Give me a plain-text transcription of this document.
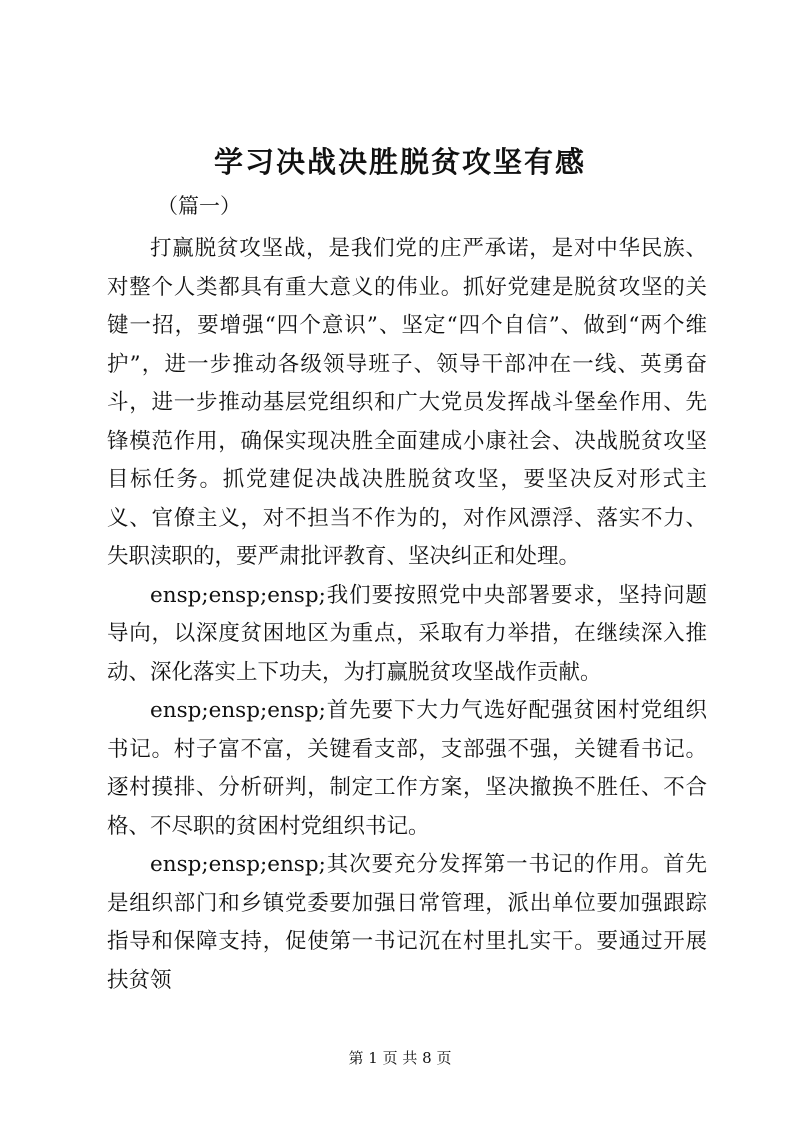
学习决战决胜脱贫攻坚有感
（篇一）

打赢脱贫攻坚战，是我们党的庄严承诺，是对中华民族、对整个人类都具有重大意义的伟业。抓好党建是脱贫攻坚的关键一招，要增强“四个意识”、坚定“四个自信”、做到“两个维护”，进一步推动各级领导班子、领导干部冲在一线、英勇奋斗，进一步推动基层党组织和广大党员发挥战斗堡垒作用、先锋模范作用，确保实现决胜全面建成小康社会、决战脱贫攻坚目标任务。抓党建促决战决胜脱贫攻坚，要坚决反对形式主义、官僚主义，对不担当不作为的，对作风漂浮、落实不力、失职渎职的，要严肃批评教育、坚决纠正和处理。

ensp;ensp;ensp;我们要按照党中央部署要求，坚持问题导向，以深度贫困地区为重点，采取有力举措，在继续深入推动、深化落实上下功夫，为打赢脱贫攻坚战作贡献。

ensp;ensp;ensp;首先要下大力气选好配强贫困村党组织书记。村子富不富，关键看支部，支部强不强，关键看书记。逐村摸排、分析研判，制定工作方案，坚决撤换不胜任、不合格、不尽职的贫困村党组织书记。

ensp;ensp;ensp;其次要充分发挥第一书记的作用。首先是组织部门和乡镇党委要加强日常管理，派出单位要加强跟踪指导和保障支持，促使第一书记沉在村里扎实干。要通过开展扶贫领

第 1 页 共 8 页
